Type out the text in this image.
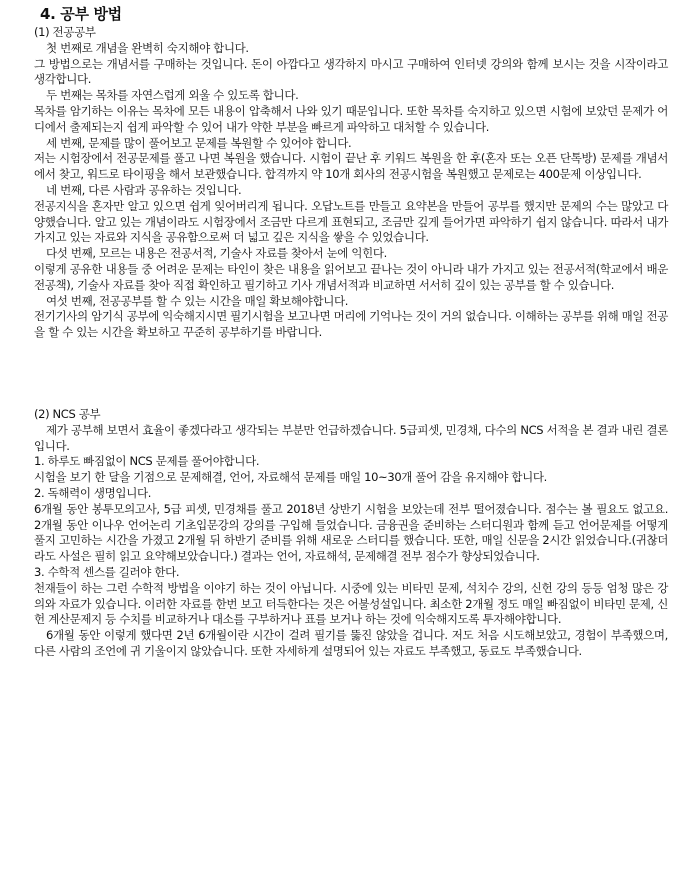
4. 공부 방법
(1) 전공공부

첫 번째로 개념을 완벽히 숙지해야 합니다.

그 방법으로는 개념서를 구매하는 것입니다. 돈이 아깝다고 생각하지 마시고 구매하여 인터넷 강의와 함께 보시는 것을 시작이라고 생각합니다.

두 번째는 목차를 자연스럽게 외울 수 있도록 합니다.

목차를 암기하는 이유는 목차에 모든 내용이 압축해서 나와 있기 때문입니다. 또한 목차를 숙지하고 있으면 시험에 보았던 문제가 어디에서 출제되는지 쉽게 파악할 수 있어 내가 약한 부분을 빠르게 파악하고 대처할 수 있습니다.

세 번째, 문제를 많이 풀어보고 문제를 복원할 수 있어야 합니다.

저는 시험장에서 전공문제를 풀고 나면 복원을 했습니다. 시험이 끝난 후 키워드 복원을 한 후(혼자 또는 오픈 단톡방) 문제를 개념서 에서 찾고, 워드로 타이핑을 해서 보관했습니다. 합격까지 약 10개 회사의 전공시험을 복원했고 문제로는 400문제 이상입니다.

네 번째, 다른 사람과 공유하는 것입니다.

전공지식을 혼자만 알고 있으면 쉽게 잊어버리게 됩니다. 오답노트를 만들고 요약본을 만들어 공부를 했지만 문제의 수는 많았고 다양했습니다. 알고 있는 개념이라도 시험장에서 조금만 다르게 표현되고, 조금만 깊게 들어가면 파악하기 쉽지 않습니다. 따라서 내가 가지고 있는 자료와 지식을 공유함으로써 더 넓고 깊은 지식을 쌓을 수 있었습니다.

다섯 번째, 모르는 내용은 전공서적, 기술사 자료를 찾아서 눈에 익힌다.

이렇게 공유한 내용들 중 어려운 문제는 타인이 찾은 내용을 읽어보고 끝나는 것이 아니라 내가 가지고 있는 전공서적(학교에서 배운 전공책), 기술사 자료를 찾아 직접 확인하고 필기하고 기사 개념서적과 비교하면 서서히 깊이 있는 공부를 할 수 있습니다.

여섯 번째, 전공공부를 할 수 있는 시간을 매일 확보해야합니다.

전기기사의 암기식 공부에 익숙해지시면 필기시험을 보고나면 머리에 기억나는 것이 거의 없습니다. 이해하는 공부를 위해 매일 전공을 할 수 있는 시간을 확보하고 꾸준히 공부하기를 바랍니다.

(2) NCS 공부

제가 공부해 보면서 효율이 좋겠다라고 생각되는 부분만 언급하겠습니다. 5급피셋, 민경채, 다수의 NCS 서적을 본 결과 내린 결론입니다.

1. 하루도 빠짐없이 NCS 문제를 풀어야합니다.

시험을 보기 한 달을 기점으로 문제해결, 언어, 자료해석 문제를 매일 10~30개 풀어 감을 유지해야 합니다.

2. 독해력이 생명입니다.

6개월 동안 봉투모의고사, 5급 피셋, 민경채를 풀고 2018년 상반기 시험을 보았는데 전부 떨어졌습니다. 점수는 볼 필요도 없고요. 2개월 동안 이나우 언어논리 기초입문강의 강의를 구입해 들었습니다. 금융권을 준비하는 스터디원과 함께 듣고 언어문제를 어떻게 풀지 고민하는 시간을 가졌고 2개월 뒤 하반기 준비를 위해 새로운 스터디를 했습니다. 또한, 매일 신문을 2시간 읽었습니다.(귀찮더라도 사설은 필히 읽고 요약해보았습니다.) 결과는 언어, 자료해석, 문제해결 전부 점수가 향상되었습니다.

3. 수학적 센스를 길러야 한다.

천재들이 하는 그런 수학적 방법을 이야기 하는 것이 아닙니다. 시중에 있는 비타민 문제, 석치수 강의, 신헌 강의 등등 엄청 많은 강의와 자료가 있습니다. 이러한 자료를 한번 보고 터득한다는 것은 어불성설입니다. 최소한 2개월 정도 매일 빠짐없이 비타민 문제, 신헌 계산문제지 등 수치를 비교하거나 대소를 구부하거나 표를 보거나 하는 것에 익숙해지도록 투자해야합니다.

6개월 동안 이렇게 했다면 2년 6개월이란 시간이 걸려 필기를 뚫진 않았을 겁니다. 저도 처음 시도해보았고, 경험이 부족했으며, 다른 사람의 조언에 귀 기울이지 않았습니다. 또한 자세하게 설명되어 있는 자료도 부족했고, 동료도 부족했습니다.
